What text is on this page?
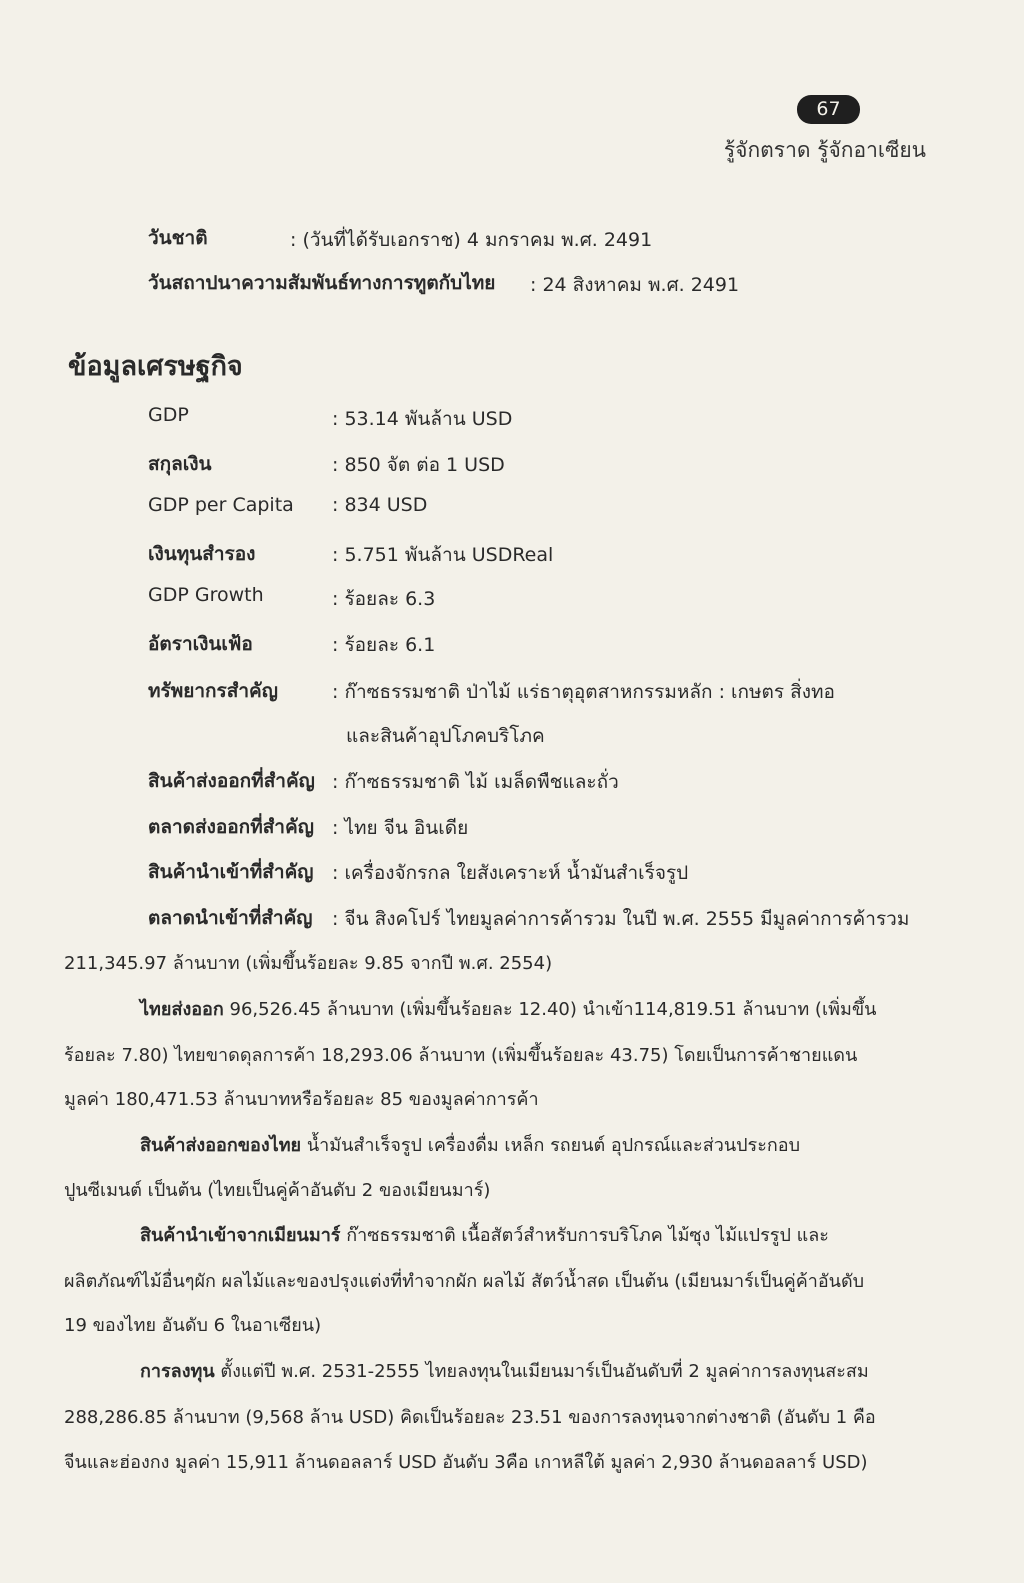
67
รู้จักตราด รู้จักอาเซียน
วันชาติ	: (วันที่ได้รับเอกราช) 4 มกราคม พ.ศ. 2491
วันสถาปนาความสัมพันธ์ทางการทูตกับไทย : 24 สิงหาคม พ.ศ. 2491
ข้อมูลเศรษฐกิจ
GDP	: 53.14 พันล้าน USD
สกุลเงิน	: 850 จัต ต่อ 1 USD
GDP per Capita : 834 USD
เงินทุนสำรอง	: 5.751 พันล้าน USDReal
GDP Growth	: ร้อยละ 6.3
อัตราเงินเฟ้อ	: ร้อยละ 6.1
ทรัพยากรสำคัญ	: ก๊าซธรรมชาติ ป่าไม้ แร่ธาตุอุตสาหกรรมหลัก : เกษตร สิ่งทอ
และสินค้าอุปโภคบริโภค
สินค้าส่งออกที่สำคัญ : ก๊าซธรรมชาติ ไม้ เมล็ดพืชและถั่ว
ตลาดส่งออกที่สำคัญ : ไทย จีน อินเดีย
สินค้านำเข้าที่สำคัญ : เครื่องจักรกล ใยสังเคราะห์ น้ำมันสำเร็จรูป
ตลาดนำเข้าที่สำคัญ : จีน สิงคโปร์ ไทยมูลค่าการค้ารวม ในปี พ.ศ. 2555 มีมูลค่าการค้ารวม
211,345.97 ล้านบาท (เพิ่มขึ้นร้อยละ 9.85 จากปี พ.ศ. 2554)
ไทยส่งออก 96,526.45 ล้านบาท (เพิ่มขึ้นร้อยละ 12.40) นำเข้า114,819.51 ล้านบาท (เพิ่มขึ้น
ร้อยละ 7.80) ไทยขาดดุลการค้า 18,293.06 ล้านบาท (เพิ่มขึ้นร้อยละ 43.75) โดยเป็นการค้าชายแดน
มูลค่า 180,471.53 ล้านบาทหรือร้อยละ 85 ของมูลค่าการค้า
สินค้าส่งออกของไทย น้ำมันสำเร็จรูป เครื่องดื่ม เหล็ก รถยนต์ อุปกรณ์และส่วนประกอบ
ปูนซีเมนต์ เป็นต้น (ไทยเป็นคู่ค้าอันดับ 2 ของเมียนมาร์)
สินค้านำเข้าจากเมียนมาร์ ก๊าซธรรมชาติ เนื้อสัตว์สำหรับการบริโภค ไม้ซุง ไม้แปรรูป และ
ผลิตภัณฑ์ไม้อื่นๆผัก ผลไม้และของปรุงแต่งที่ทำจากผัก ผลไม้ สัตว์น้ำสด เป็นต้น (เมียนมาร์เป็นคู่ค้าอันดับ
19 ของไทย อันดับ 6 ในอาเซียน)
การลงทุน ตั้งแต่ปี พ.ศ. 2531-2555 ไทยลงทุนในเมียนมาร์เป็นอันดับที่ 2 มูลค่าการลงทุนสะสม
288,286.85 ล้านบาท (9,568 ล้าน USD) คิดเป็นร้อยละ 23.51 ของการลงทุนจากต่างชาติ (อันดับ 1 คือ
จีนและฮ่องกง มูลค่า 15,911 ล้านดอลลาร์ USD อันดับ 3คือ เกาหลีใต้ มูลค่า 2,930 ล้านดอลลาร์ USD)
